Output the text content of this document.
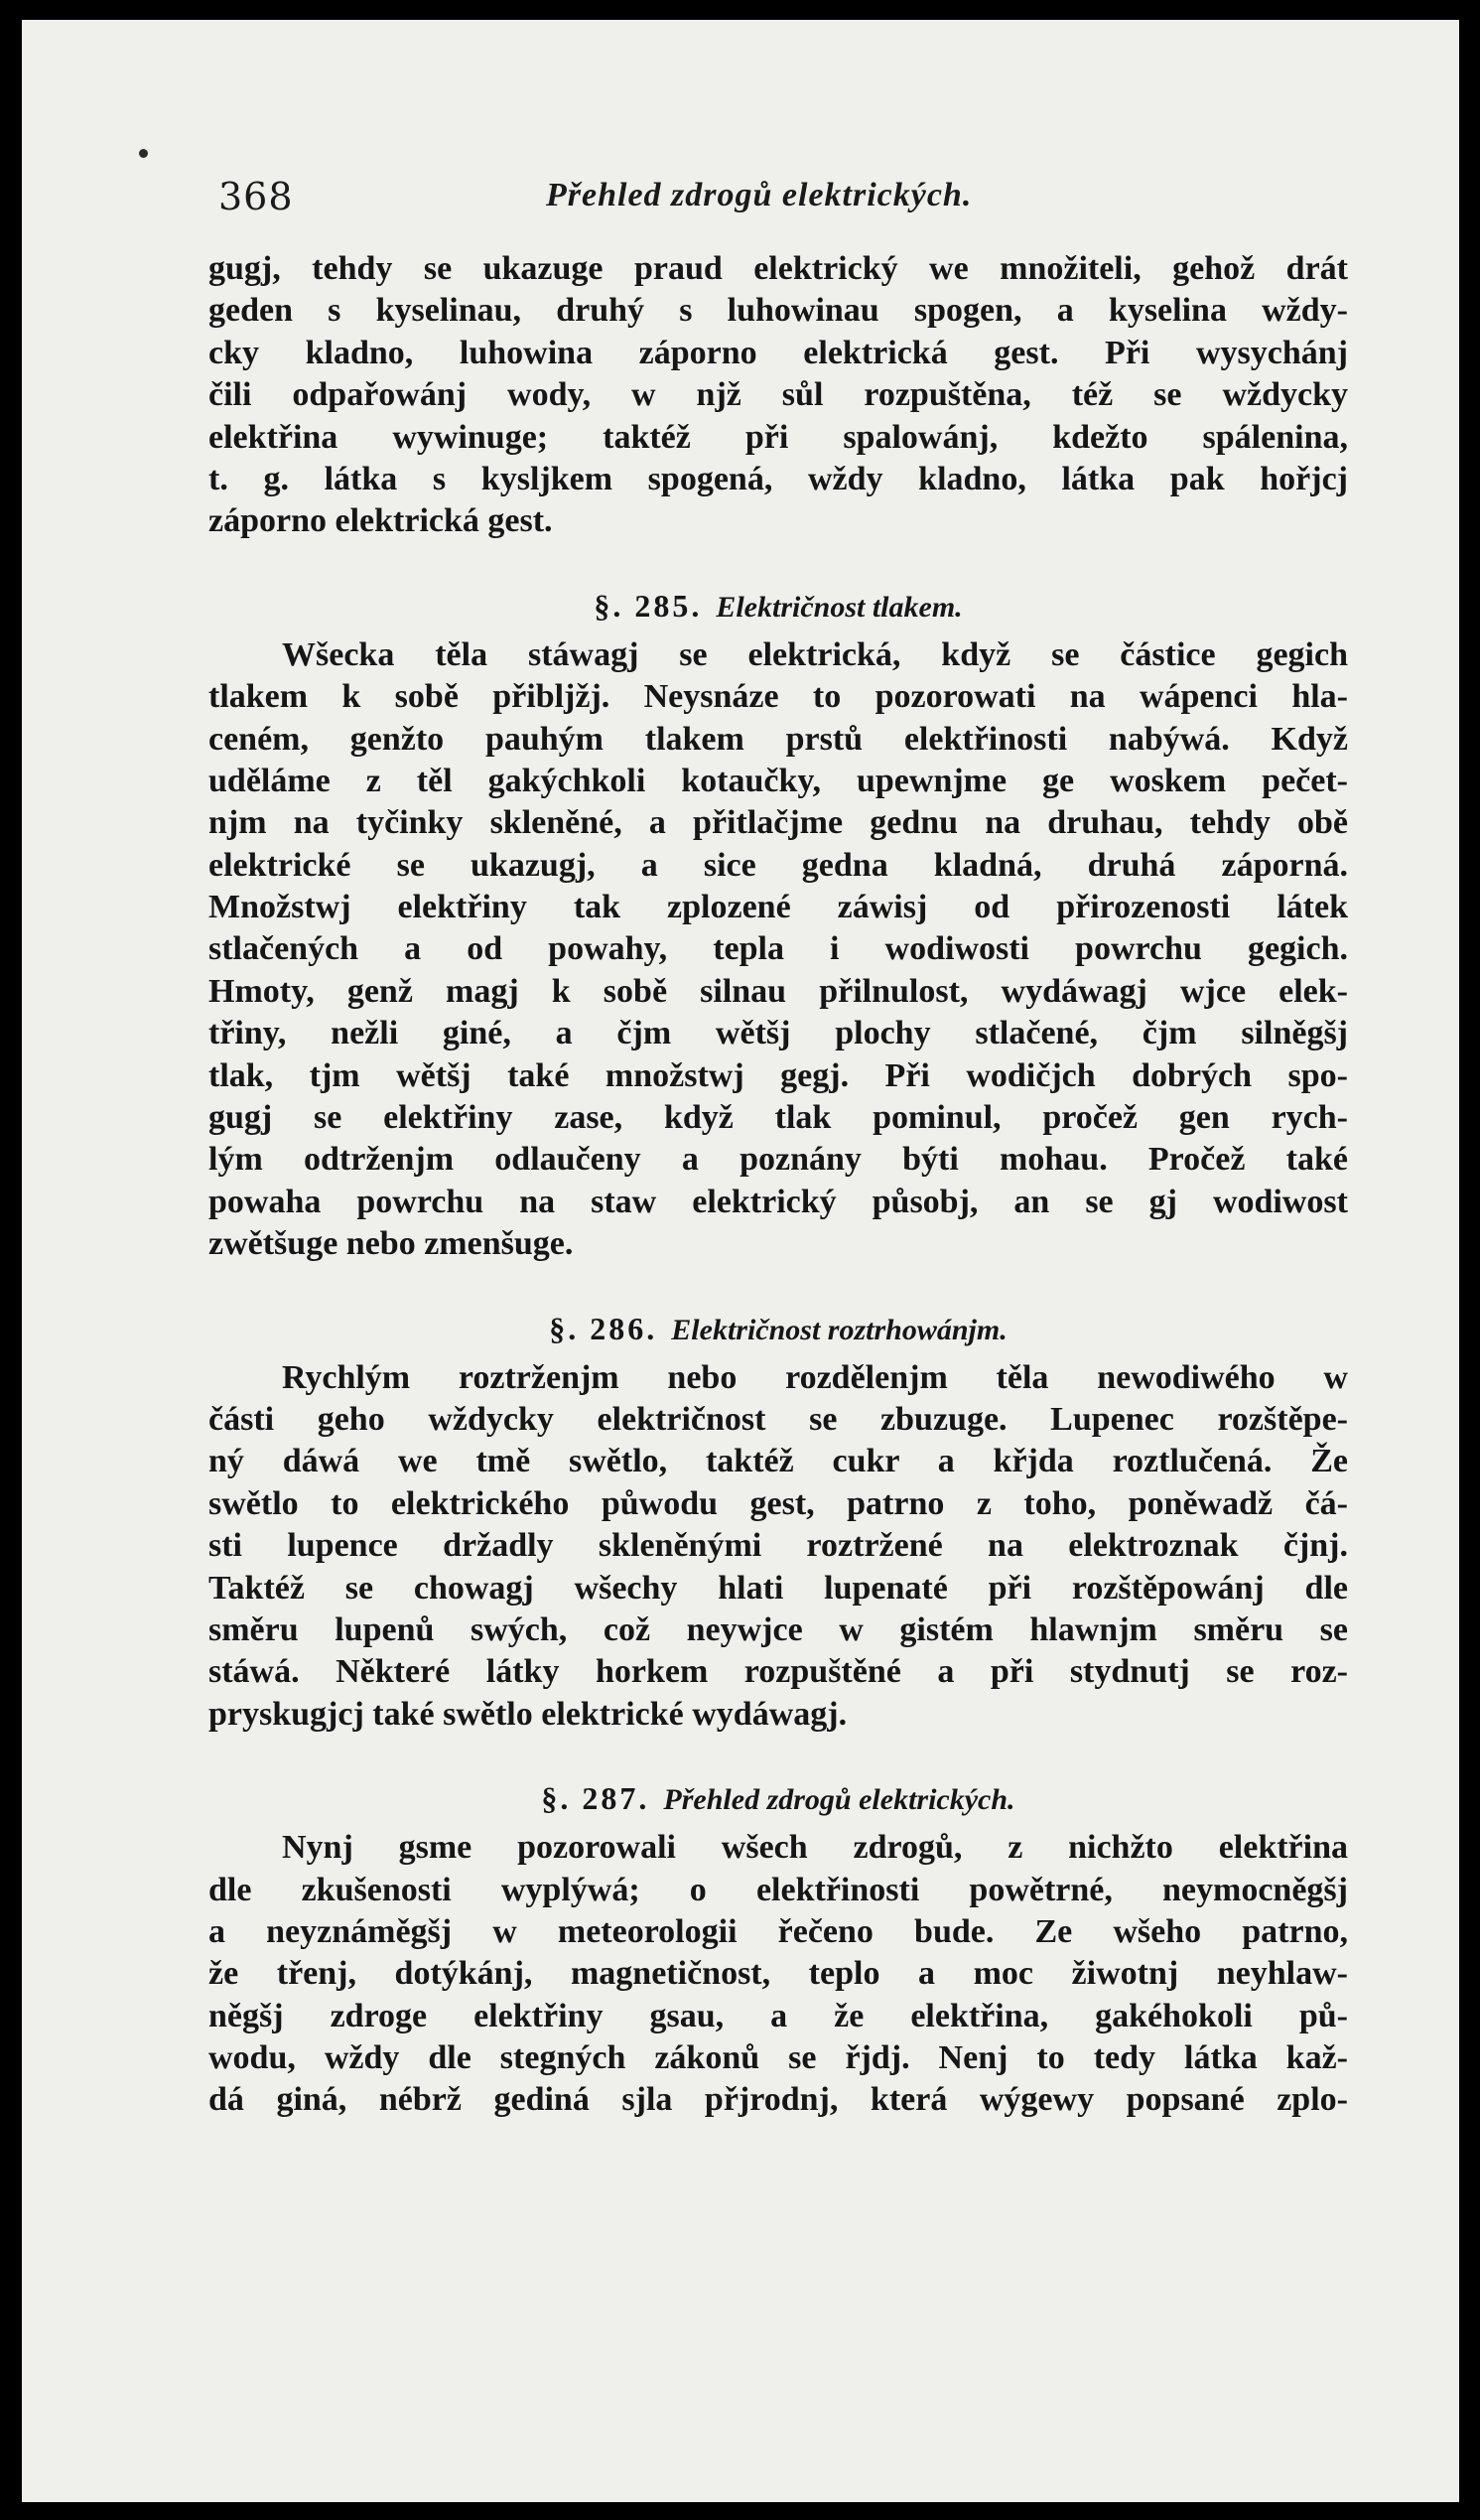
368	Přehled zdrogů elektrických.
gugj, tehdy se ukazuge praud elektrický we množiteli, gehož drát
geden s kyselinau, druhý s luhowinau spogen, a kyselina wždy-
cky kladno, luhowina záporno elektrická gest. Při wysychánj
čili odpařowánj wody, w njž sůl rozpuštěna, též se wždycky
elektřina wywinuge; taktéž při spalowánj, kdežto spálenina,
t. g. látka s kysljkem spogená, wždy kladno, látka pak hořjcj
záporno elektrická gest.
§. 285. Električnost tlakem.
Wšecka těla stáwagj se elektrická, když se částice gegich
tlakem k sobě přibljžj. Neysnáze to pozorowati na wápenci hla-
ceném, genžto pauhým tlakem prstů elektřinosti nabýwá. Když
uděláme z těl gakýchkoli kotaučky, upewnjme ge woskem pečet-
njm na tyčinky skleněné, a přitlačjme gednu na druhau, tehdy obě
elektrické se ukazugj, a sice gedna kladná, druhá záporná.
Množstwj elektřiny tak zplozené záwisj od přirozenosti látek
stlačených a od powahy, tepla i wodiwosti powrchu gegich.
Hmoty, genž magj k sobě silnau přilnulost, wydáwagj wjce elek-
třiny, nežli giné, a čjm wětšj plochy stlačené, čjm silněgšj
tlak, tjm wětšj také množstwj gegj. Při wodičjch dobrých spo-
gugj se elektřiny zase, když tlak pominul, pročež gen rych-
lým odtrženjm odlaučeny a poznány býti mohau. Pročež také
powaha powrchu na staw elektrický působj, an se gj wodiwost
zwětšuge nebo zmenšuge.
§. 286. Električnost roztrhowánjm.
Rychlým roztrženjm nebo rozdělenjm těla newodiwého w
části geho wždycky električnost se zbuzuge. Lupenec rozštěpe-
ný dáwá we tmě swětlo, taktéž cukr a křjda roztlučená. Že
swětlo to elektrického půwodu gest, patrno z toho, poněwadž čá-
sti lupence držadly skleněnými roztržené na elektroznak čjnj.
Taktéž se chowagj wšechy hlati lupenaté při rozštěpowánj dle
směru lupenů swých, což neywjce w gistém hlawnjm směru se
stáwá. Některé látky horkem rozpuštěné a při stydnutj se roz-
pryskugjcj také swětlo elektrické wydáwagj.
§. 287. Přehled zdrogů elektrických.
Nynj gsme pozorowali wšech zdrogů, z nichžto elektřina
dle zkušenosti wyplýwá; o elektřinosti powětrné, neymocněgšj
a neyznáměgšj w meteorologii řečeno bude. Ze wšeho patrno,
že třenj, dotýkánj, magnetičnost, teplo a moc žiwotnj neyhlaw-
něgšj zdroge elektřiny gsau, a že elektřina, gakéhokoli pů-
wodu, wždy dle stegných zákonů se řjdj. Nenj to tedy látka kaž-
dá giná, nébrž gediná sjla přjrodnj, která wýgewy popsané zplo-
